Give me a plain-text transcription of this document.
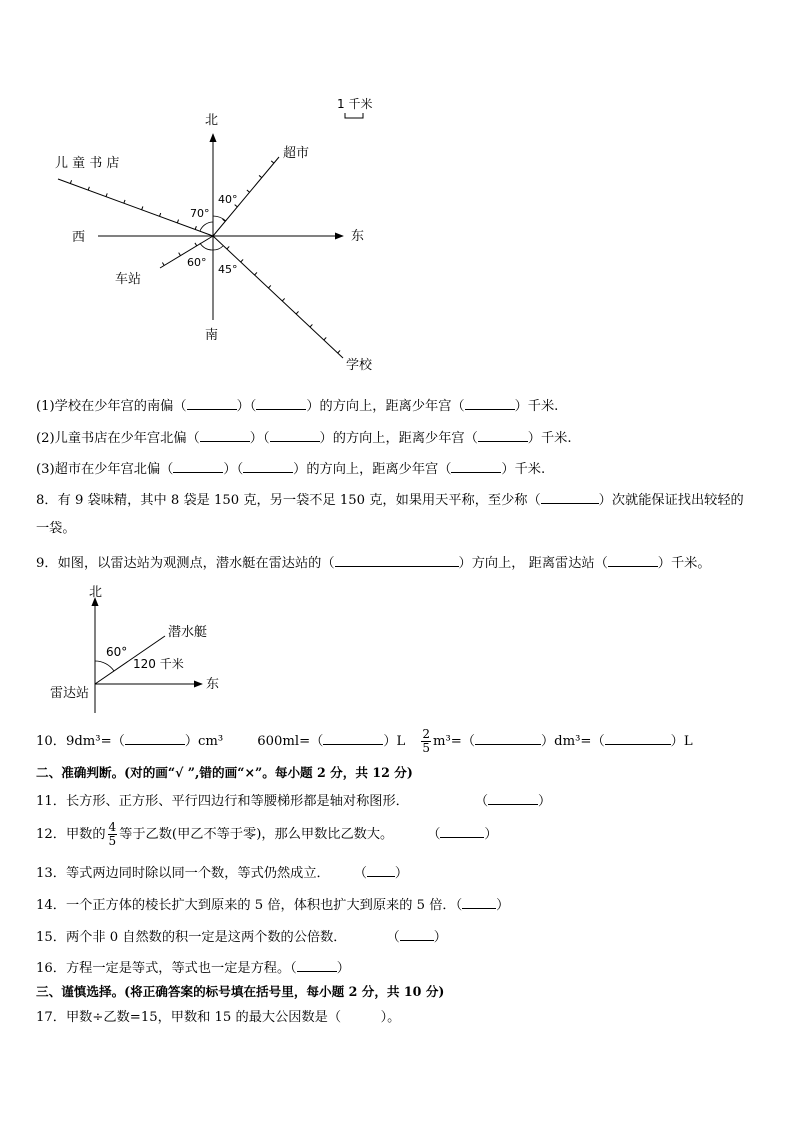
1 千米
北
南
西	东
超市
儿 童 书 店
车站
学校
40°
70°
60°
45°
(1)学校在少年宫的南偏（	）（	）的方向上，距离少年宫（	）千米.
(2)儿童书店在少年宫北偏（	）（	）的方向上，距离少年宫（	）千米.
(3)超市在少年宫北偏（	）（	）的方向上，距离少年宫（	）千米.
8．有 9 袋味精，其中 8 袋是 150 克，另一袋不足 150 克，如果用天平称，至少称（	）次就能保证找出较轻的
一袋。
9．如图，以雷达站为观测点，潜水艇在雷达站的（	）方向上， 距离雷达站（	）千米。
北
东
雷达站
潜水艇
60°
120 千米
10．9dm³=（	）cm³	600ml=（	）$L \frac{2}{5} m^3=$（	）dm³=（	）L
二、准确判断。(对的画“√ ”,错的画“×”。每小题 2 分，共 12 分)
11．长方形、正方形、平行四边行和等腰梯形都是轴对称图形．	（	）
12．甲数的 $\frac{4}{5}$ 等于乙数(甲乙不等于零)，那么甲数比乙数大。	（	）
13．等式两边同时除以同一个数，等式仍然成立． （ ）
14．一个正方体的棱长扩大到原来的 5 倍，体积也扩大到原来的 5 倍．（	）
15．两个非 0 自然数的积一定是这两个数的公倍数．	（	）
16．方程一定是等式，等式也一定是方程。（	）
三、谨慎选择。(将正确答案的标号填在括号里，每小题 2 分，共 10 分)
17．甲数÷乙数=15，甲数和 15 的最大公因数是（　　　）。
